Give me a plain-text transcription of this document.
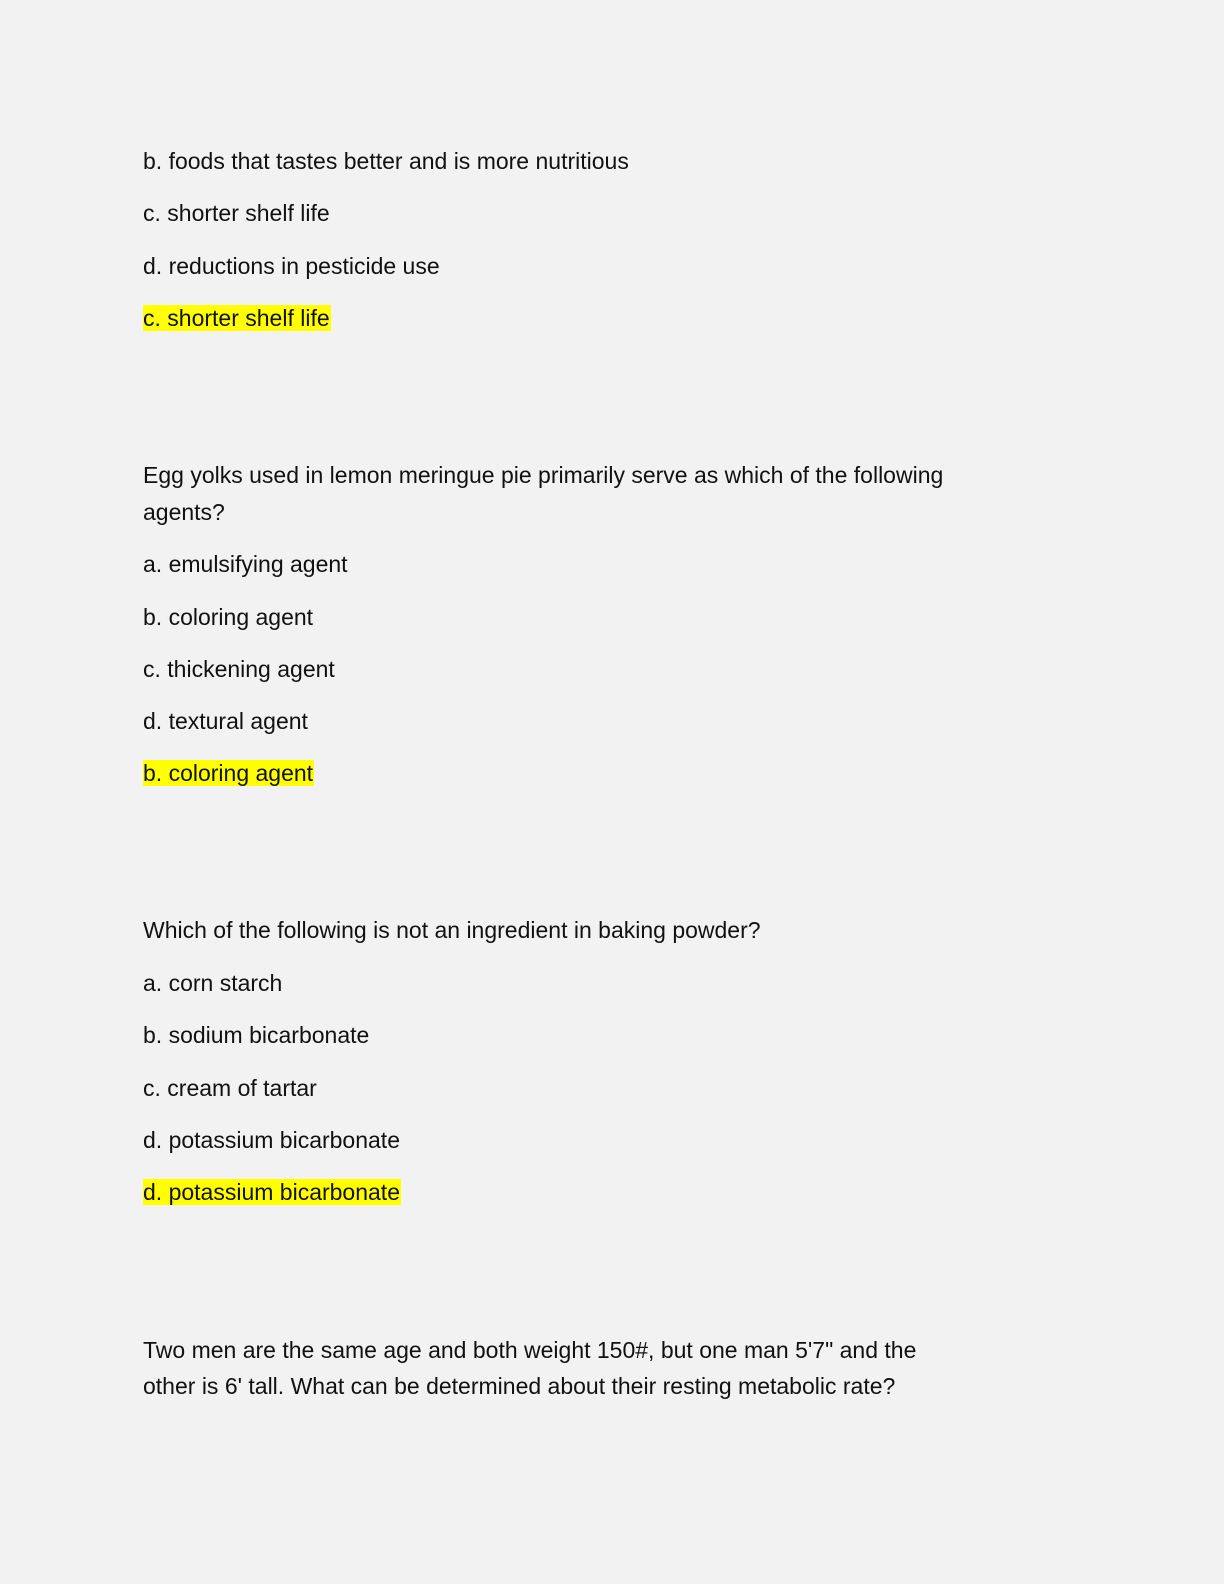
b. foods that tastes better and is more nutritious

c. shorter shelf life

d. reductions in pesticide use

c. shorter shelf life

Egg yolks used in lemon meringue pie primarily serve as which of the following

agents?

a. emulsifying agent

b. coloring agent

c. thickening agent

d. textural agent

b. coloring agent

Which of the following is not an ingredient in baking powder?

a. corn starch

b. sodium bicarbonate

c. cream of tartar

d. potassium bicarbonate

d. potassium bicarbonate

Two men are the same age and both weight 150#, but one man 5'7" and the

other is 6' tall. What can be determined about their resting metabolic rate?
